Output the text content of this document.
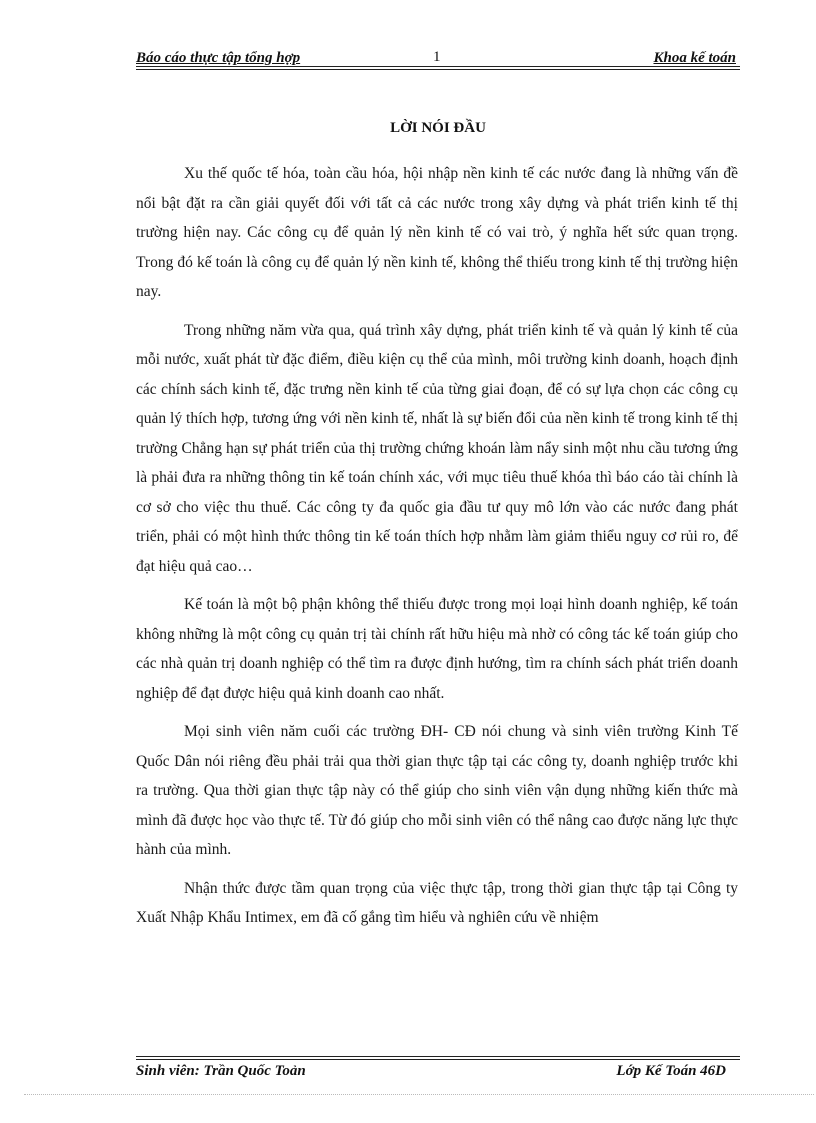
Báo cáo thực tập tổng hợp	1	Khoa kế toán
LỜI NÓI ĐẦU

Xu thế quốc tế hóa, toàn cầu hóa, hội nhập nền kinh tế các nước đang là những vấn đề nổi bật đặt ra cần giải quyết đối với tất cả các nước trong xây dựng và phát triển kinh tế thị trường hiện nay. Các công cụ để quản lý nền kinh tế có vai trò, ý nghĩa hết sức quan trọng. Trong đó kế toán là công cụ để quản lý nền kinh tế, không thể thiếu trong kinh tế thị trường hiện nay.

Trong những năm vừa qua, quá trình xây dựng, phát triển kinh tế và quản lý kinh tế của mỗi nước, xuất phát từ đặc điểm, điều kiện cụ thể của mình, môi trường kinh doanh, hoạch định các chính sách kinh tế, đặc trưng nền kinh tế của từng giai đoạn, để có sự lựa chọn các công cụ quản lý thích hợp, tương ứng với nền kinh tế, nhất là sự biến đổi của nền kinh tế trong kinh tế thị trường Chẳng hạn sự phát triển của thị trường chứng khoán làm nẩy sinh một nhu cầu tương ứng là phải đưa ra những thông tin kế toán chính xác, với mục tiêu thuế khóa thì báo cáo tài chính là cơ sở cho việc thu thuế. Các công ty đa quốc gia đầu tư quy mô lớn vào các nước đang phát triển, phải có một hình thức thông tin kế toán thích hợp nhằm làm giảm thiểu nguy cơ rủi ro, để đạt hiệu quả cao…

Kế toán là một bộ phận không thể thiếu được trong mọi loại hình doanh nghiệp, kế toán không những là một công cụ quản trị tài chính rất hữu hiệu mà nhờ có công tác kế toán giúp cho các nhà quản trị doanh nghiệp có thể tìm ra được định hướng, tìm ra chính sách phát triển doanh nghiệp để đạt được hiệu quả kinh doanh cao nhất.

Mọi sinh viên năm cuối các trường ĐH- CĐ nói chung và sinh viên trường Kinh Tế Quốc Dân nói riêng đều phải trải qua thời gian thực tập tại các công ty, doanh nghiệp trước khi ra trường. Qua thời gian thực tập này có thể giúp cho sinh viên vận dụng những kiến thức mà mình đã được học vào thực tế. Từ đó giúp cho mỗi sinh viên có thể nâng cao được năng lực thực hành của mình.

Nhận thức được tầm quan trọng của việc thực tập, trong thời gian thực tập tại Công ty Xuất Nhập Khẩu Intimex, em đã cố gắng tìm hiểu và nghiên cứu về nhiệm

Sinh viên: Trần Quốc Toản	Lớp Kế Toán 46D
